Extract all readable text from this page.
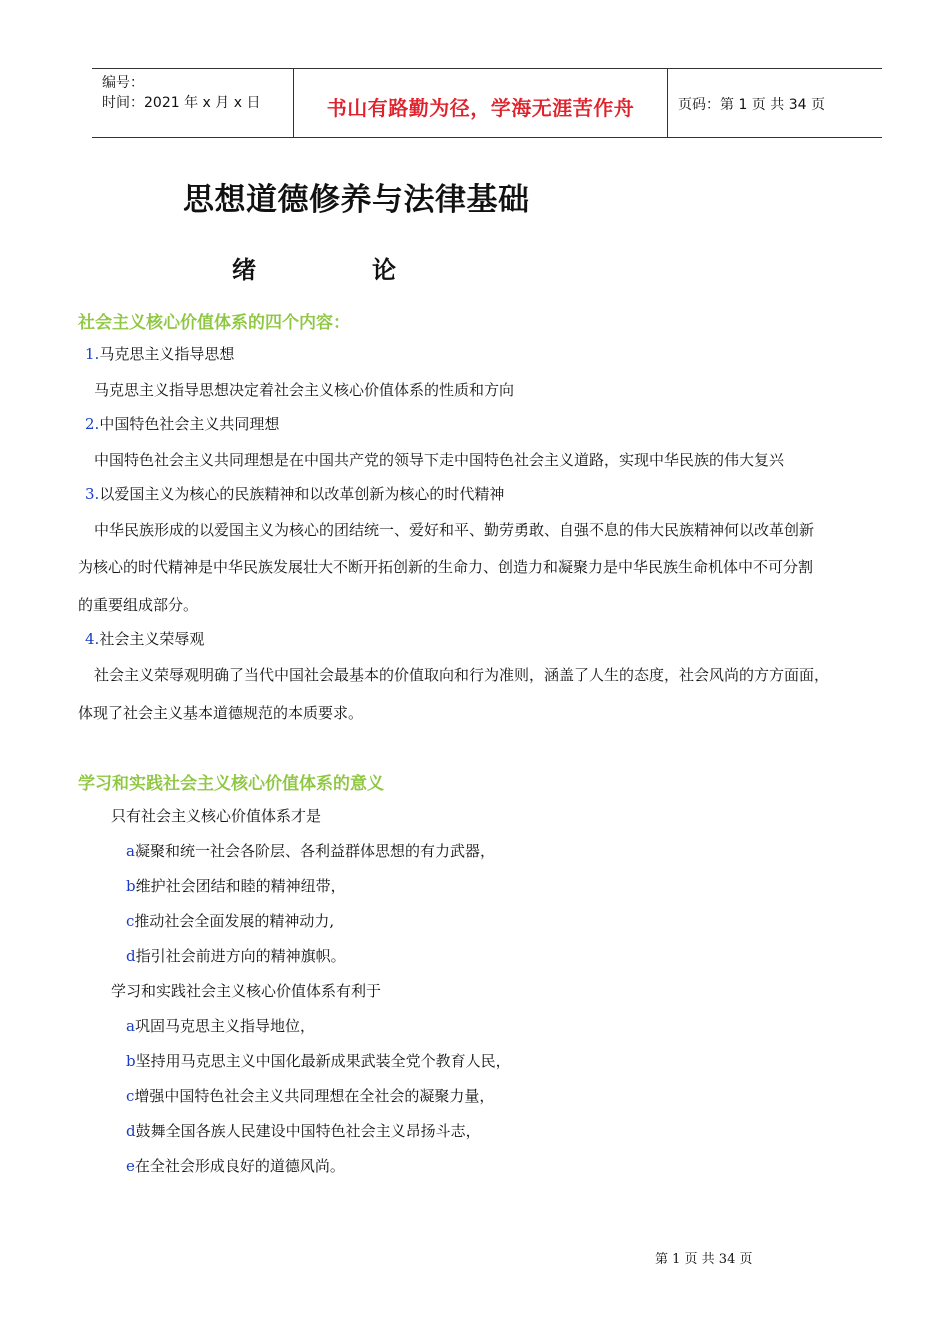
编号：
时间：2021 年 x 月 x 日	书山有路勤为径，学海无涯苦作舟	页码：第 1 页 共 34 页
思想道德修养与法律基础
绪	论
社会主义核心价值体系的四个内容：
1.马克思主义指导思想
马克思主义指导思想决定着社会主义核心价值体系的性质和方向
2.中国特色社会主义共同理想
中国特色社会主义共同理想是在中国共产党的领导下走中国特色社会主义道路，实现中华民族的伟大复兴
3.以爱国主义为核心的民族精神和以改革创新为核心的时代精神
中华民族形成的以爱国主义为核心的团结统一、爱好和平、勤劳勇敢、自强不息的伟大民族精神何以改革创新
为核心的时代精神是中华民族发展壮大不断开拓创新的生命力、创造力和凝聚力是中华民族生命机体中不可分割
的重要组成部分。
4.社会主义荣辱观
社会主义荣辱观明确了当代中国社会最基本的价值取向和行为准则，涵盖了人生的态度，社会风尚的方方面面，
体现了社会主义基本道德规范的本质要求。
学习和实践社会主义核心价值体系的意义
只有社会主义核心价值体系才是
a凝聚和统一社会各阶层、各利益群体思想的有力武器，
b维护社会团结和睦的精神纽带，
c推动社会全面发展的精神动力,
d指引社会前进方向的精神旗帜。
学习和实践社会主义核心价值体系有利于
a巩固马克思主义指导地位，
b坚持用马克思主义中国化最新成果武装全党个教育人民，
c增强中国特色社会主义共同理想在全社会的凝聚力量，
d鼓舞全国各族人民建设中国特色社会主义昂扬斗志，
e在全社会形成良好的道德风尚。
第 1 页 共 34 页
